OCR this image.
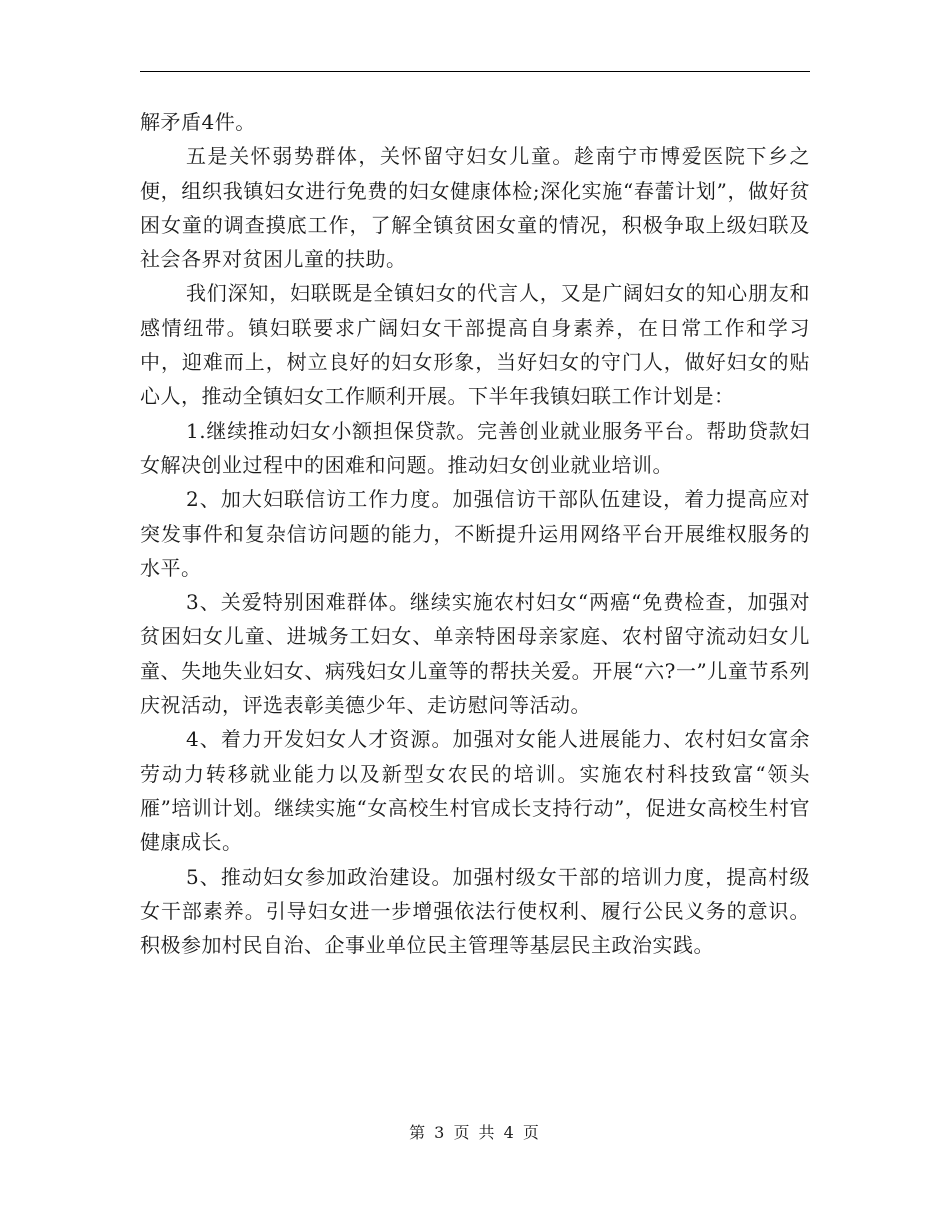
解矛盾4件。

五是关怀弱势群体，关怀留守妇女儿童。趁南宁市博爱医院下乡之便，组织我镇妇女进行免费的妇女健康体检;深化实施“春蕾计划”，做好贫困女童的调查摸底工作，了解全镇贫困女童的情况，积极争取上级妇联及社会各界对贫困儿童的扶助。

我们深知，妇联既是全镇妇女的代言人，又是广阔妇女的知心朋友和感情纽带。镇妇联要求广阔妇女干部提高自身素养，在日常工作和学习中，迎难而上，树立良好的妇女形象，当好妇女的守门人，做好妇女的贴心人，推动全镇妇女工作顺利开展。下半年我镇妇联工作计划是：

1.继续推动妇女小额担保贷款。完善创业就业服务平台。帮助贷款妇女解决创业过程中的困难和问题。推动妇女创业就业培训。

2、加大妇联信访工作力度。加强信访干部队伍建设，着力提高应对突发事件和复杂信访问题的能力，不断提升运用网络平台开展维权服务的水平。

3、关爱特别困难群体。继续实施农村妇女“两癌“免费检查，加强对贫困妇女儿童、进城务工妇女、单亲特困母亲家庭、农村留守流动妇女儿童、失地失业妇女、病残妇女儿童等的帮扶关爱。开展“六?一”儿童节系列庆祝活动，评选表彰美德少年、走访慰问等活动。

4、着力开发妇女人才资源。加强对女能人进展能力、农村妇女富余劳动力转移就业能力以及新型女农民的培训。实施农村科技致富“领头雁”培训计划。继续实施“女高校生村官成长支持行动”，促进女高校生村官健康成长。

5、推动妇女参加政治建设。加强村级女干部的培训力度，提高村级女干部素养。引导妇女进一步增强依法行使权利、履行公民义务的意识。积极参加村民自治、企事业单位民主管理等基层民主政治实践。

第 3 页 共 4 页
